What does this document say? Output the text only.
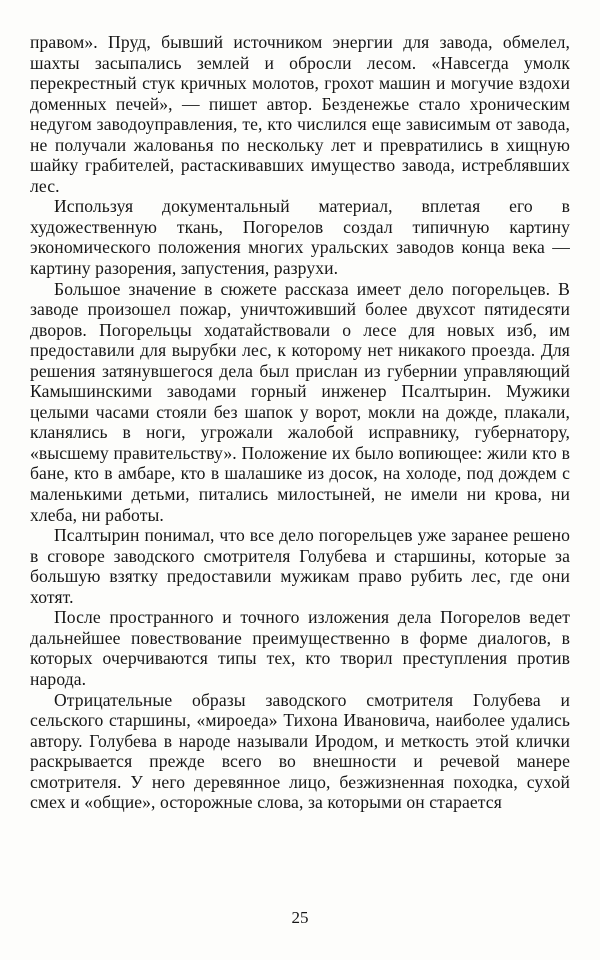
правом». Пруд, бывший источником энергии для завода, обмелел, шахты засыпались землей и обросли лесом. «Навсегда умолк перекрестный стук кричных молотов, грохот машин и могучие вздохи доменных печей», — пишет автор. Безденежье стало хроническим недугом заводоуправления, те, кто числился еще зависимым от завода, не получали жалованья по нескольку лет и превратились в хищную шайку грабителей, растаскивавших имущество завода, истреблявших лес.

Используя документальный материал, вплетая его в художественную ткань, Погорелов создал типичную картину экономического положения многих уральских заводов конца века — картину разорения, запустения, разрухи.

Большое значение в сюжете рассказа имеет дело погорельцев. В заводе произошел пожар, уничтоживший более двухсот пятидесяти дворов. Погорельцы ходатайствовали о лесе для новых изб, им предоставили для вырубки лес, к которому нет никакого проезда. Для решения затянувшегося дела был прислан из губернии управляющий Камышинскими заводами горный инженер Псалтырин. Мужики целыми часами стояли без шапок у ворот, мокли на дожде, плакали, кланялись в ноги, угрожали жалобой исправнику, губернатору, «высшему правительству». Положение их было вопиющее: жили кто в бане, кто в амбаре, кто в шалашике из досок, на холоде, под дождем с маленькими детьми, питались милостыней, не имели ни крова, ни хлеба, ни работы.

Псалтырин понимал, что все дело погорельцев уже заранее решено в сговоре заводского смотрителя Голубева и старшины, которые за большую взятку предоставили мужикам право рубить лес, где они хотят.

После пространного и точного изложения дела Погорелов ведет дальнейшее повествование преимущественно в форме диалогов, в которых очерчиваются типы тех, кто творил преступления против народа.

Отрицательные образы заводского смотрителя Голубева и сельского старшины, «мироеда» Тихона Ивановича, наиболее удались автору. Голубева в народе называли Иродом, и меткость этой клички раскрывается прежде всего во внешности и речевой манере смотрителя. У него деревянное лицо, безжизненная походка, сухой смех и «общие», осторожные слова, за которыми он старается

25
